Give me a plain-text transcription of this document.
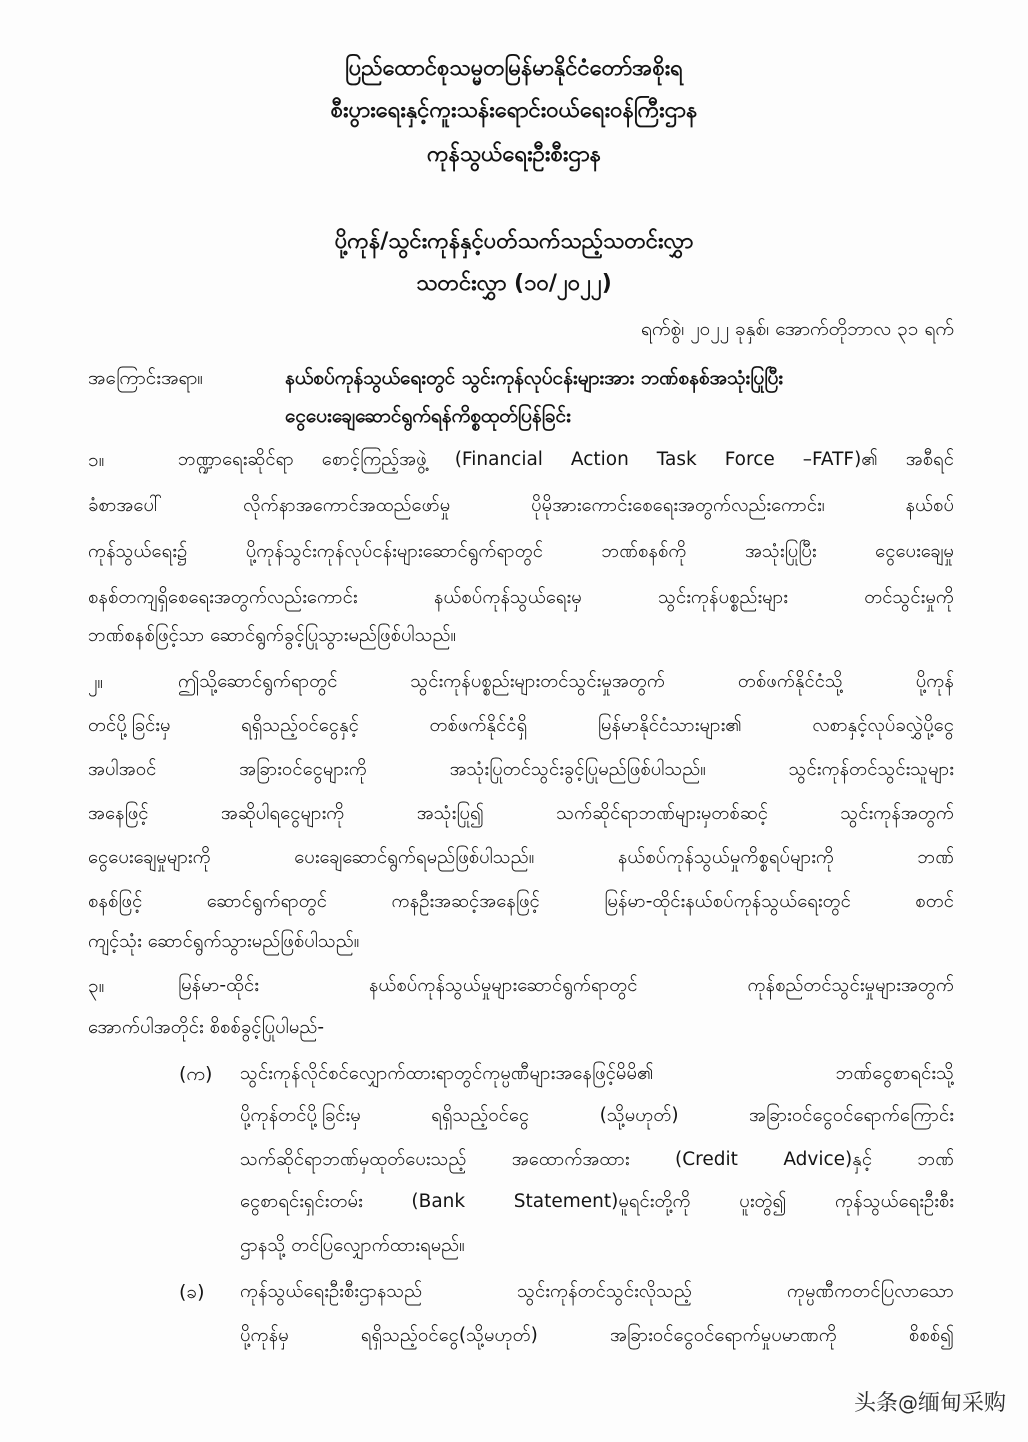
ပြည်ထောင်စုသမ္မတမြန်မာနိုင်ငံတော်အစိုးရ
စီးပွားရေးနှင့်ကူးသန်းရောင်းဝယ်ရေးဝန်ကြီးဌာန
ကုန်သွယ်ရေးဦးစီးဌာန
ပို့ကုန်/သွင်းကုန်နှင့်ပတ်သက်သည့်သတင်းလွှာ
သတင်းလွှာ (၁၀/၂၀၂၂)
ရက်စွဲ၊ ၂၀၂၂ ခုနှစ်၊ အောက်တိုဘာလ ၃၁ ရက်
အကြောင်းအရာ။	နယ်စပ်ကုန်သွယ်ရေးတွင် သွင်းကုန်လုပ်ငန်းများအား ဘဏ်စနစ်အသုံးပြုပြီး
ငွေပေးချေဆောင်ရွက်ရန်ကိစ္စထုတ်ပြန်ခြင်း
၁။	ဘဏ္ဍာရေးဆိုင်ရာ စောင့်ကြည့်အဖွဲ့ (Financial Action Task Force –FATF)၏ အစီရင်
ခံစာအပေါ် လိုက်နာအကောင်အထည်ဖော်မှု ပိုမိုအားကောင်းစေရေးအတွက်လည်းကောင်း၊ နယ်စပ်
ကုန်သွယ်ရေး၌ ပို့ကုန်သွင်းကုန်လုပ်ငန်းများဆောင်ရွက်ရာတွင် ဘဏ်စနစ်ကို အသုံးပြုပြီး ငွေပေးချေမှု
စနစ်တကျရှိစေရေးအတွက်လည်းကောင်း နယ်စပ်ကုန်သွယ်ရေးမှ သွင်းကုန်ပစ္စည်းများ တင်သွင်းမှုကို
ဘဏ်စနစ်ဖြင့်သာ ဆောင်ရွက်ခွင့်ပြုသွားမည်ဖြစ်ပါသည်။
၂။	ဤသို့ဆောင်ရွက်ရာတွင် သွင်းကုန်ပစ္စည်းများတင်သွင်းမှုအတွက် တစ်ဖက်နိုင်ငံသို့ ပို့ကုန်
တင်ပို့ခြင်းမှ ရရှိသည့်ဝင်ငွေနှင့် တစ်ဖက်နိုင်ငံရှိ မြန်မာနိုင်ငံသားများ၏ လစာနှင့်လုပ်ခလွှဲပို့ငွေ
အပါအဝင် အခြားဝင်ငွေများကို အသုံးပြုတင်သွင်းခွင့်ပြုမည်ဖြစ်ပါသည်။ သွင်းကုန်တင်သွင်းသူများ
အနေဖြင့် အဆိုပါရငွေများကို အသုံးပြု၍ သက်ဆိုင်ရာဘဏ်များမှတစ်ဆင့် သွင်းကုန်အတွက်
ငွေပေးချေမှုများကို ပေးချေဆောင်ရွက်ရမည်ဖြစ်ပါသည်။ နယ်စပ်ကုန်သွယ်မှုကိစ္စရပ်များကို ဘဏ်
စနစ်ဖြင့် ဆောင်ရွက်ရာတွင် ကနဦးအဆင့်အနေဖြင့် မြန်မာ-ထိုင်းနယ်စပ်ကုန်သွယ်ရေးတွင် စတင်
ကျင့်သုံး ဆောင်ရွက်သွားမည်ဖြစ်ပါသည်။
၃။	မြန်မာ-ထိုင်း နယ်စပ်ကုန်သွယ်မှုများဆောင်ရွက်ရာတွင် ကုန်စည်တင်သွင်းမှုများအတွက်
အောက်ပါအတိုင်း စိစစ်ခွင့်ပြုပါမည်-
(က) သွင်းကုန်လိုင်စင်လျှောက်ထားရာတွင်ကုမ္ပဏီများအနေဖြင့်မိမိ၏ ဘဏ်ငွေစာရင်းသို့
ပို့ကုန်တင်ပို့ခြင်းမှ ရရှိသည့်ဝင်ငွေ (သို့မဟုတ်) အခြားဝင်ငွေဝင်ရောက်ကြောင်း
သက်ဆိုင်ရာဘဏ်မှထုတ်ပေးသည့် အထောက်အထား (Credit Advice)နှင့် ဘဏ်
ငွေစာရင်းရှင်းတမ်း (Bank Statement)မူရင်းတို့ကို ပူးတွဲ၍ ကုန်သွယ်ရေးဦးစီး
ဌာနသို့ တင်ပြလျှောက်ထားရမည်။
(ခ) ကုန်သွယ်ရေးဦးစီးဌာနသည် သွင်းကုန်တင်သွင်းလိုသည့် ကုမ္ပဏီကတင်ပြလာသော
ပို့ကုန်မှ ရရှိသည့်ဝင်ငွေ(သို့မဟုတ်) အခြားဝင်ငွေဝင်ရောက်မှုပမာဏကို စိစစ်၍
头条@缅甸采购
